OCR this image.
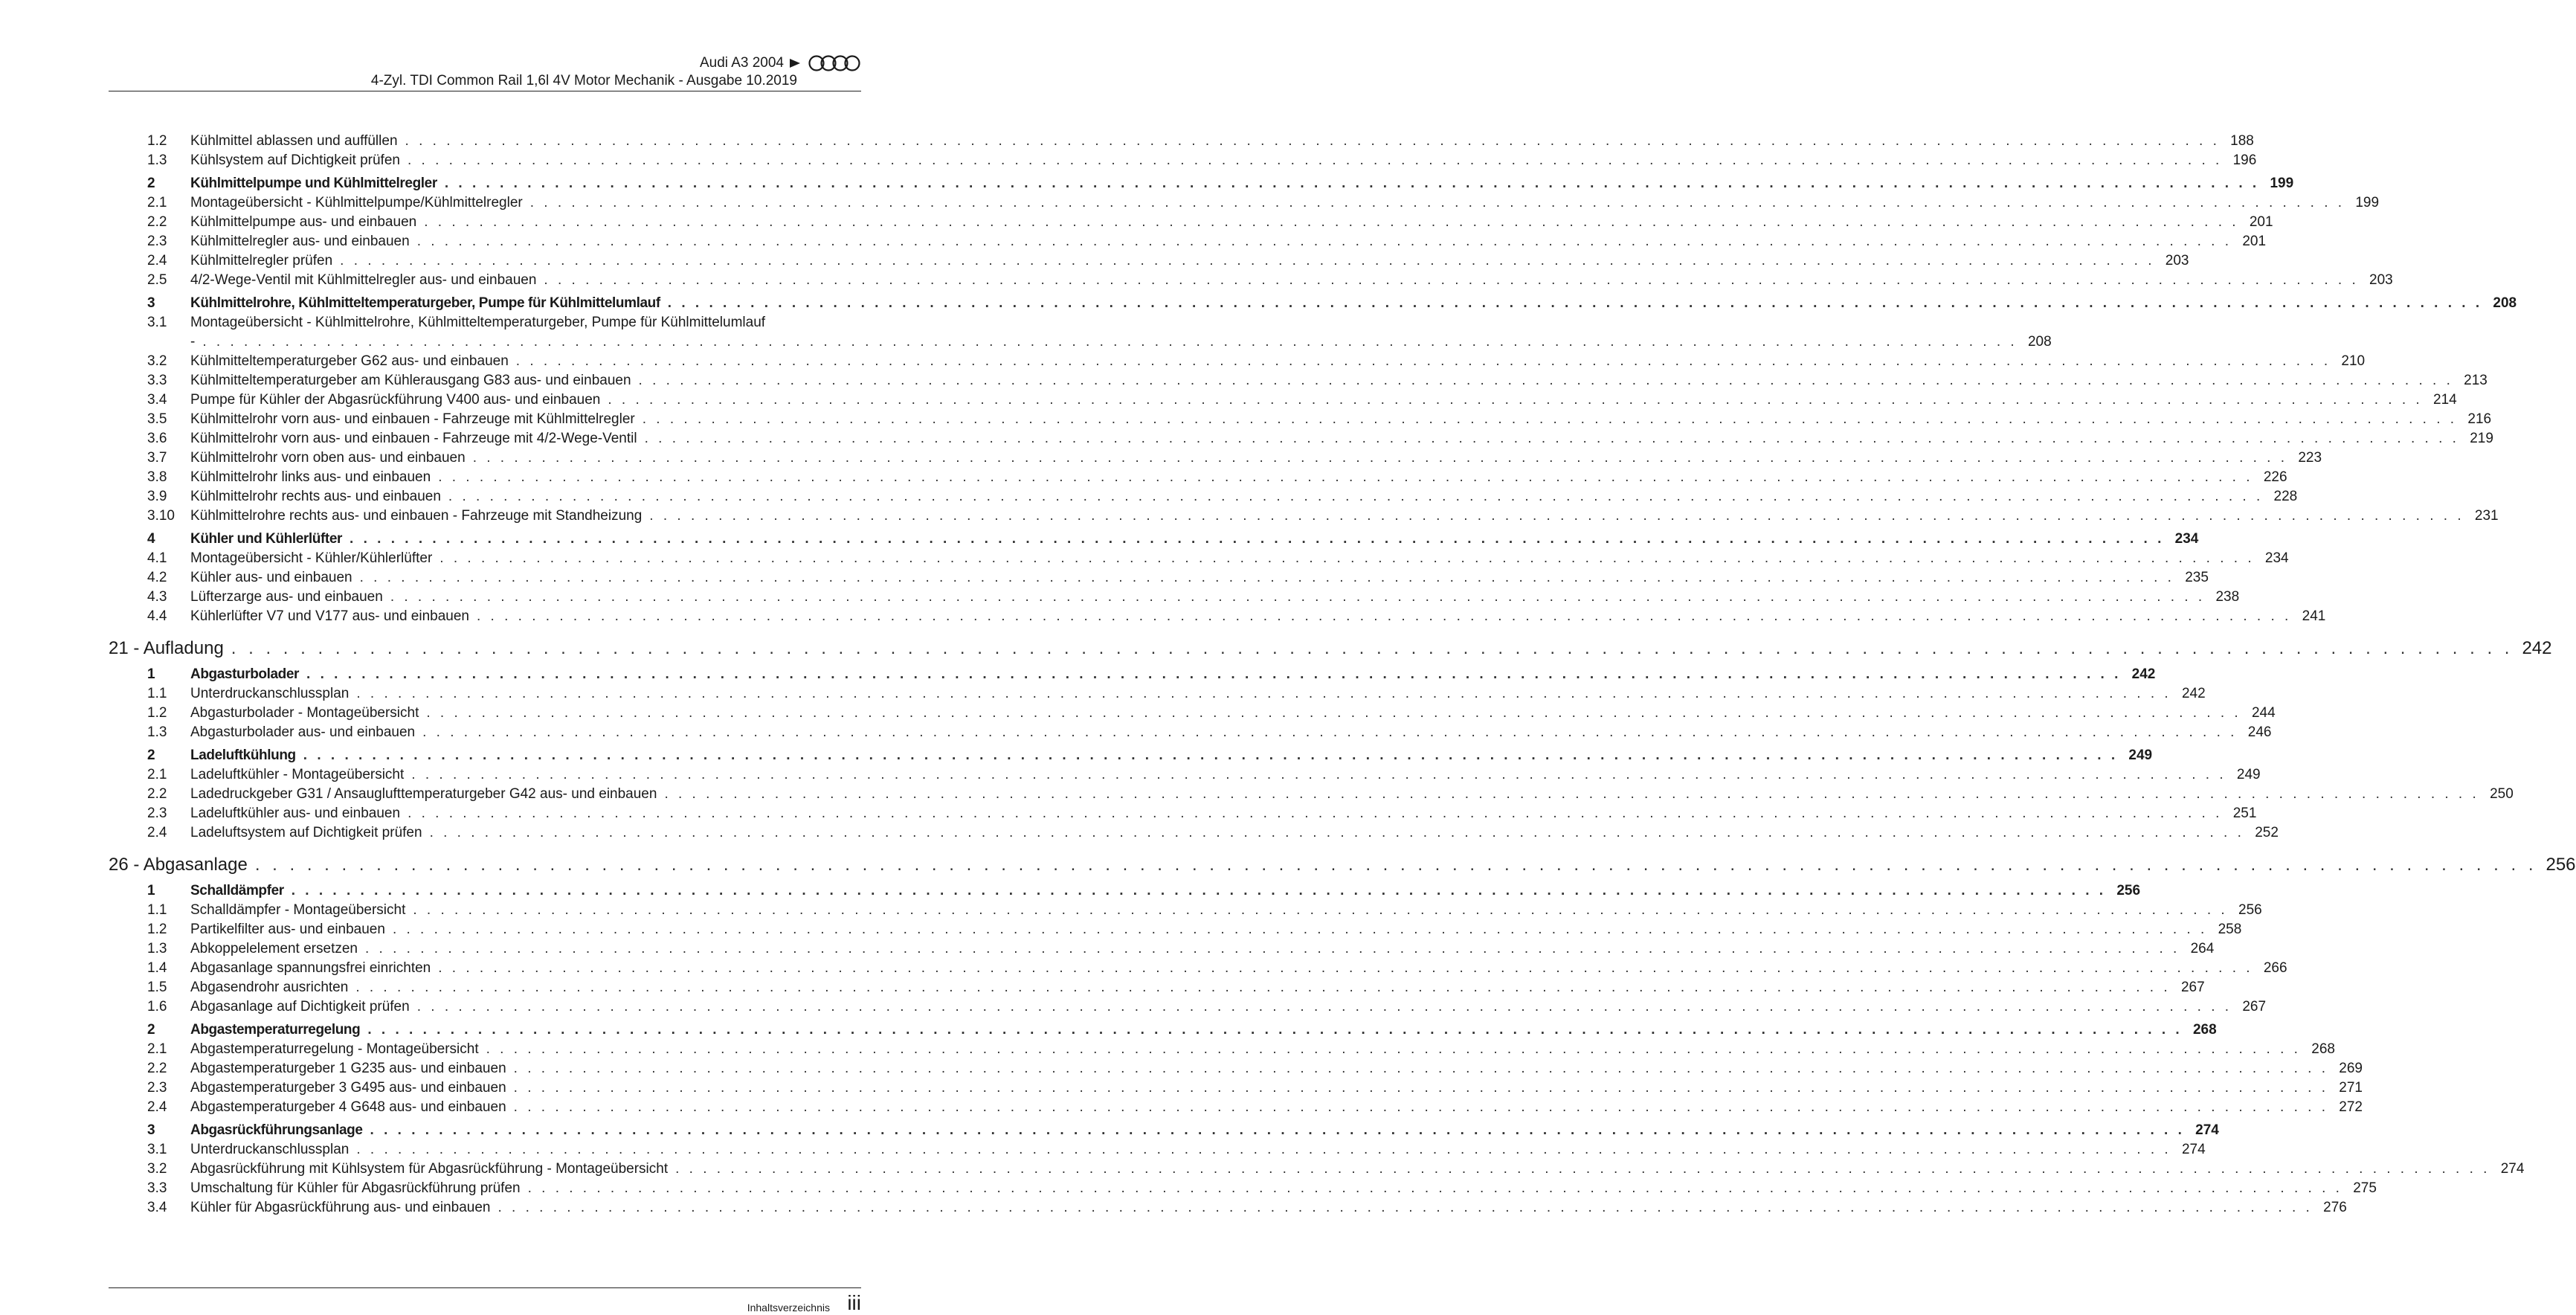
Audi A3 2004
4-Zyl. TDI Common Rail 1,6l 4V Motor Mechanik - Ausgabe 10.2019
1.2	Kühlmittel ablassen und auffüllen . . .	188
1.3	Kühlsystem auf Dichtigkeit prüfen . . .	196
2	Kühlmittelpumpe und Kühlmittelregler . . .	199
2.1	Montageübersicht - Kühlmittelpumpe/Kühlmittelregler . . .	199
2.2	Kühlmittelpumpe aus- und einbauen . . .	201
2.3	Kühlmittelregler aus- und einbauen . . .	201
2.4	Kühlmittelregler prüfen . . .	203
2.5	4/2-Wege-Ventil mit Kühlmittelregler aus- und einbauen . . .	203
3	Kühlmittelrohre, Kühlmitteltemperaturgeber, Pumpe für Kühlmittelumlauf . . .	208
3.1	Montageübersicht - Kühlmittelrohre, Kühlmitteltemperaturgeber, Pumpe für Kühlmittelumlauf
- . . .	208
3.2	Kühlmitteltemperaturgeber G62 aus- und einbauen . . .	210
3.3	Kühlmitteltemperaturgeber am Kühlerausgang G83 aus- und einbauen . . .	213
3.4	Pumpe für Kühler der Abgasrückführung V400 aus- und einbauen . . .	214
3.5	Kühlmittelrohr vorn aus- und einbauen - Fahrzeuge mit Kühlmittelregler . . .	216
3.6	Kühlmittelrohr vorn aus- und einbauen - Fahrzeuge mit 4/2-Wege-Ventil . . .	219
3.7	Kühlmittelrohr vorn oben aus- und einbauen . . .	223
3.8	Kühlmittelrohr links aus- und einbauen . . .	226
3.9	Kühlmittelrohr rechts aus- und einbauen . . .	228
3.10	Kühlmittelrohre rechts aus- und einbauen - Fahrzeuge mit Standheizung . . .	231
4	Kühler und Kühlerlüfter . . .	234
4.1	Montageübersicht - Kühler/Kühlerlüfter . . .	234
4.2	Kühler aus- und einbauen . . .	235
4.3	Lüfterzarge aus- und einbauen . . .	238
4.4	Kühlerlüfter V7 und V177 aus- und einbauen . . .	241
21 - Aufladung . . .	242
1	Abgasturbolader . . .	242
1.1	Unterdruckanschlussplan . . .	242
1.2	Abgasturbolader - Montageübersicht . . .	244
1.3	Abgasturbolader aus- und einbauen . . .	246
2	Ladeluftkühlung . . .	249
2.1	Ladeluftkühler - Montageübersicht . . .	249
2.2	Ladedruckgeber G31 / Ansauglufttemperaturgeber G42 aus- und einbauen . . .	250
2.3	Ladeluftkühler aus- und einbauen . . .	251
2.4	Ladeluftsystem auf Dichtigkeit prüfen . . .	252
26 - Abgasanlage . . .	256
1	Schalldämpfer . . .	256
1.1	Schalldämpfer - Montageübersicht . . .	256
1.2	Partikelfilter aus- und einbauen . . .	258
1.3	Abkoppelelement ersetzen . . .	264
1.4	Abgasanlage spannungsfrei einrichten . . .	266
1.5	Abgasendrohr ausrichten . . .	267
1.6	Abgasanlage auf Dichtigkeit prüfen . . .	267
2	Abgastemperaturregelung . . .	268
2.1	Abgastemperaturregelung - Montageübersicht . . .	268
2.2	Abgastemperaturgeber 1 G235 aus- und einbauen . . .	269
2.3	Abgastemperaturgeber 3 G495 aus- und einbauen . . .	271
2.4	Abgastemperaturgeber 4 G648 aus- und einbauen . . .	272
3	Abgasrückführungsanlage . . .	274
3.1	Unterdruckanschlussplan . . .	274
3.2	Abgasrückführung mit Kühlsystem für Abgasrückführung - Montageübersicht . . .	274
3.3	Umschaltung für Kühler für Abgasrückführung prüfen . . .	275
3.4	Kühler für Abgasrückführung aus- und einbauen . . .	276
Inhaltsverzeichnis iii
